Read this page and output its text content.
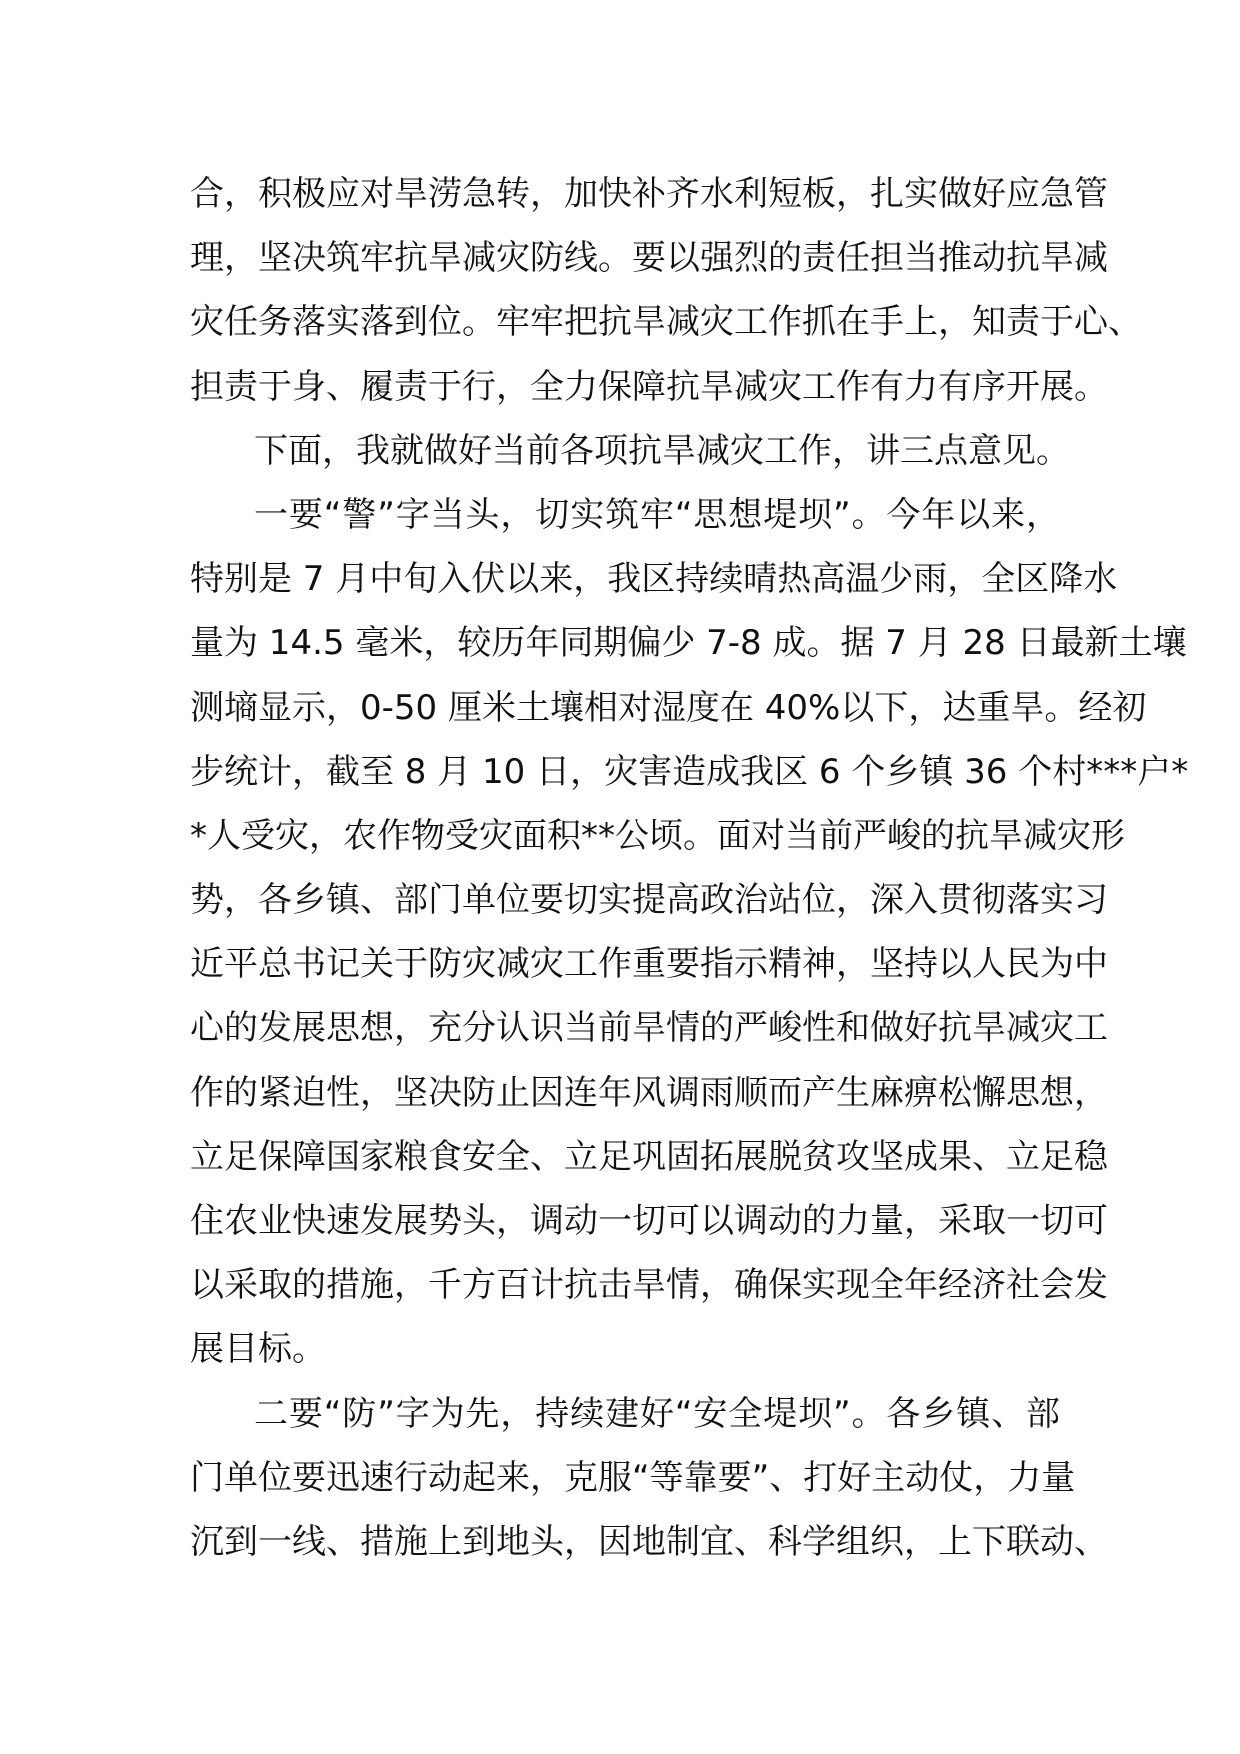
合，积极应对旱涝急转，加快补齐水利短板，扎实做好应急管
理，坚决筑牢抗旱减灾防线。要以强烈的责任担当推动抗旱减
灾任务落实落到位。牢牢把抗旱减灾工作抓在手上，知责于心、
担责于身、履责于行，全力保障抗旱减灾工作有力有序开展。
下面，我就做好当前各项抗旱减灾工作，讲三点意见。
一要“警”字当头，切实筑牢“思想堤坝”。今年以来，
特别是 7 月中旬入伏以来，我区持续晴热高温少雨，全区降水
量为 14.5 毫米，较历年同期偏少 7-8 成。据 7 月 28 日最新土壤
测墒显示，0-50 厘米土壤相对湿度在 40%以下，达重旱。经初
步统计，截至 8 月 10 日，灾害造成我区 6 个乡镇 36 个村***户*
*人受灾，农作物受灾面积**公顷。面对当前严峻的抗旱减灾形
势，各乡镇、部门单位要切实提高政治站位，深入贯彻落实习
近平总书记关于防灾减灾工作重要指示精神，坚持以人民为中
心的发展思想，充分认识当前旱情的严峻性和做好抗旱减灾工
作的紧迫性，坚决防止因连年风调雨顺而产生麻痹松懈思想，
立足保障国家粮食安全、立足巩固拓展脱贫攻坚成果、立足稳
住农业快速发展势头，调动一切可以调动的力量，采取一切可
以采取的措施，千方百计抗击旱情，确保实现全年经济社会发
展目标。
二要“防”字为先，持续建好“安全堤坝”。各乡镇、部
门单位要迅速行动起来，克服“等靠要”、打好主动仗，力量
沉到一线、措施上到地头，因地制宜、科学组织，上下联动、
